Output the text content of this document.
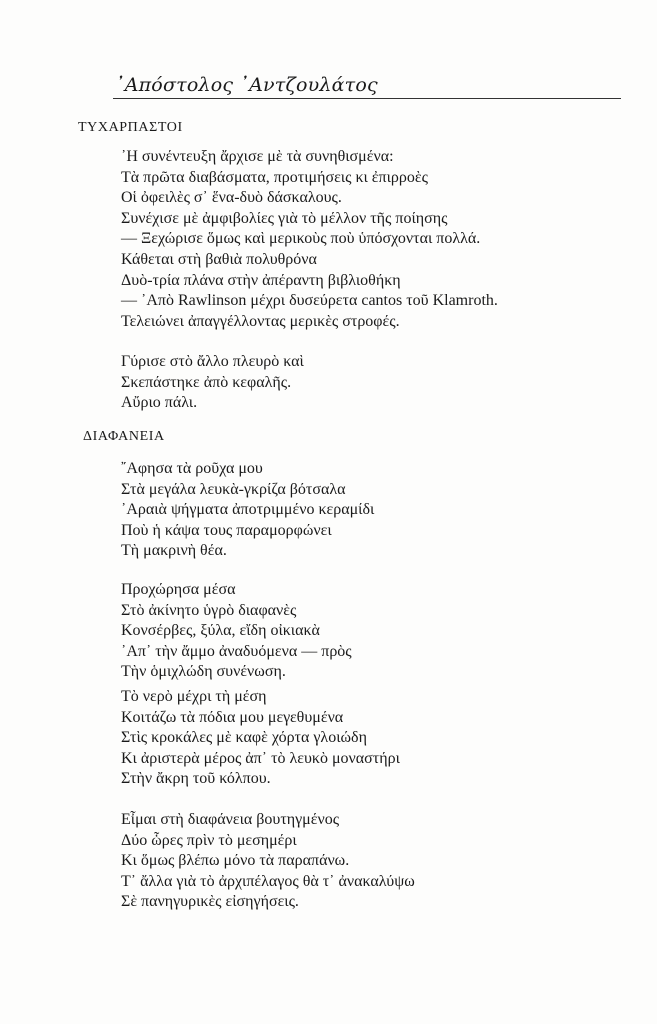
᾽Απόστολος ᾽Αντζουλάτος
ΤΥΧΑΡΠΑΣΤΟΙ
᾽Η συνέντευξη ἄρχισε μὲ τὰ συνηθισμένα:
Τὰ πρῶτα διαβάσματα, προτιμήσεις κι ἐπιρροὲς
Οἱ ὀφειλὲς σ᾽ ἕνα-δυὸ δάσκαλους.
Συνέχισε μὲ ἀμφιβολίες γιὰ τὸ μέλλον τῆς ποίησης
— Ξεχώρισε ὅμως καὶ μερικοὺς ποὺ ὑπόσχονται πολλά.
Κάθεται στὴ βαθιὰ πολυθρόνα
Δυὸ-τρία πλάνα στὴν ἀπέραντη βιβλιοθήκη
— ᾽Απὸ Rawlinson μέχρι δυσεύρετα cantos τοῦ Klamroth.
Τελειώνει ἀπαγγέλλοντας μερικὲς στροφές.
Γύρισε στὸ ἄλλο πλευρὸ καὶ
Σκεπάστηκε ἀπὸ κεφαλῆς.
Αὔριο πάλι.
ΔΙΑΦΑΝΕΙΑ
῎Αφησα τὰ ροῦχα μου
Στὰ μεγάλα λευκὰ-γκρίζα βότσαλα
᾽Αραιὰ ψήγματα ἀποτριμμένο κεραμίδι
Ποὺ ἡ κάψα τους παραμορφώνει
Τὴ μακρινὴ θέα.
Προχώρησα μέσα
Στὸ ἀκίνητο ὑγρὸ διαφανὲς
Κονσέρβες, ξύλα, εἴδη οἰκιακὰ
᾽Απ᾽ τὴν ἄμμο ἀναδυόμενα — πρὸς
Τὴν ὁμιχλώδη συνένωση.
Τὸ νερὸ μέχρι τὴ μέση
Κοιτάζω τὰ πόδια μου μεγεθυμένα
Στὶς κροκάλες μὲ καφὲ χόρτα γλοιώδη
Κι ἀριστερὰ μέρος ἀπ᾽ τὸ λευκὸ μοναστήρι
Στὴν ἄκρη τοῦ κόλπου.
Εἶμαι στὴ διαφάνεια βουτηγμένος
Δύο ὧρες πρὶν τὸ μεσημέρι
Κι ὅμως βλέπω μόνο τὰ παραπάνω.
Τ᾽ ἄλλα γιὰ τὸ ἀρχιπέλαγος θὰ τ᾽ ἀνακαλύψω
Σὲ πανηγυρικὲς εἰσηγήσεις.
